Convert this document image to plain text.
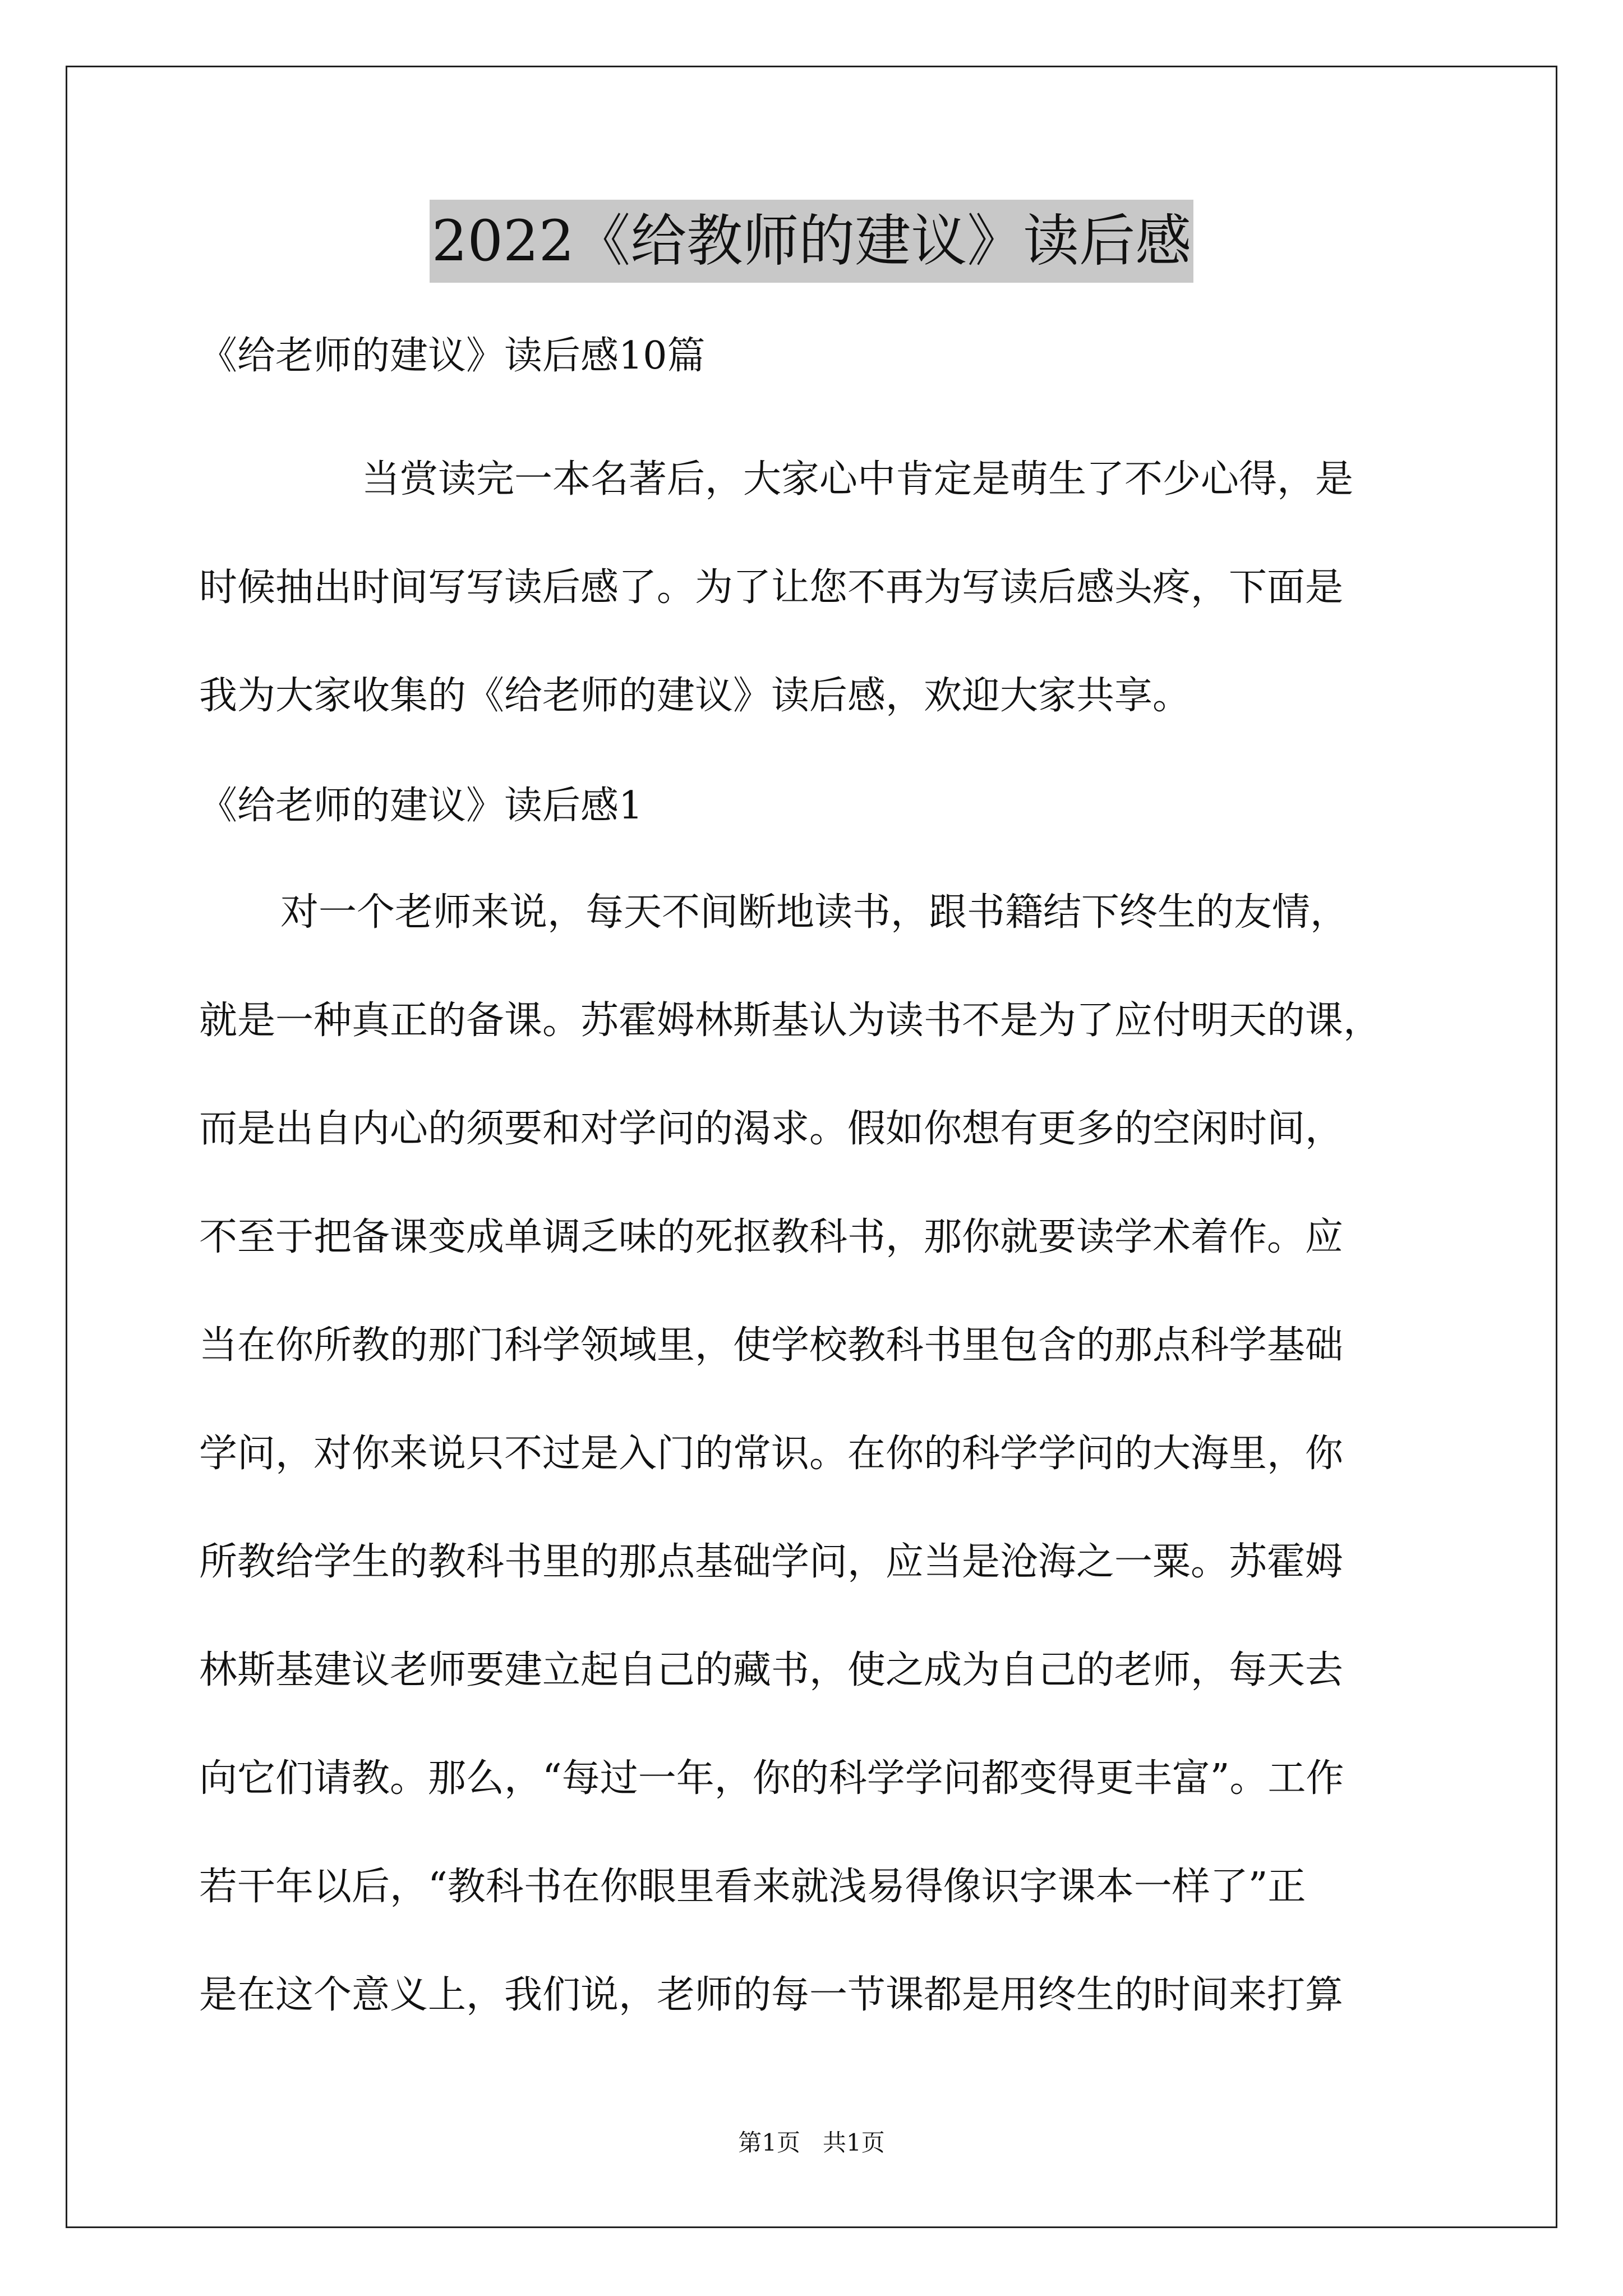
2022《给教师的建议》读后感
《给老师的建议》读后感10篇
当赏读完一本名著后，大家心中肯定是萌生了不少心得，是
时候抽出时间写写读后感了。为了让您不再为写读后感头疼，下面是
我为大家收集的《给老师的建议》读后感，欢迎大家共享。
《给老师的建议》读后感1
对一个老师来说，每天不间断地读书，跟书籍结下终生的友情，
就是一种真正的备课。苏霍姆林斯基认为读书不是为了应付明天的课，
而是出自内心的须要和对学问的渴求。假如你想有更多的空闲时间，
不至于把备课变成单调乏味的死抠教科书，那你就要读学术着作。应
当在你所教的那门科学领域里，使学校教科书里包含的那点科学基础
学问，对你来说只不过是入门的常识。在你的科学学问的大海里，你
所教给学生的教科书里的那点基础学问，应当是沧海之一粟。苏霍姆
林斯基建议老师要建立起自己的藏书，使之成为自己的老师，每天去
向它们请教。那么，“每过一年，你的科学学问都变得更丰富”。工作
若干年以后，“教科书在你眼里看来就浅易得像识字课本一样了”正
是在这个意义上，我们说，老师的每一节课都是用终生的时间来打算
第1页   共1页
